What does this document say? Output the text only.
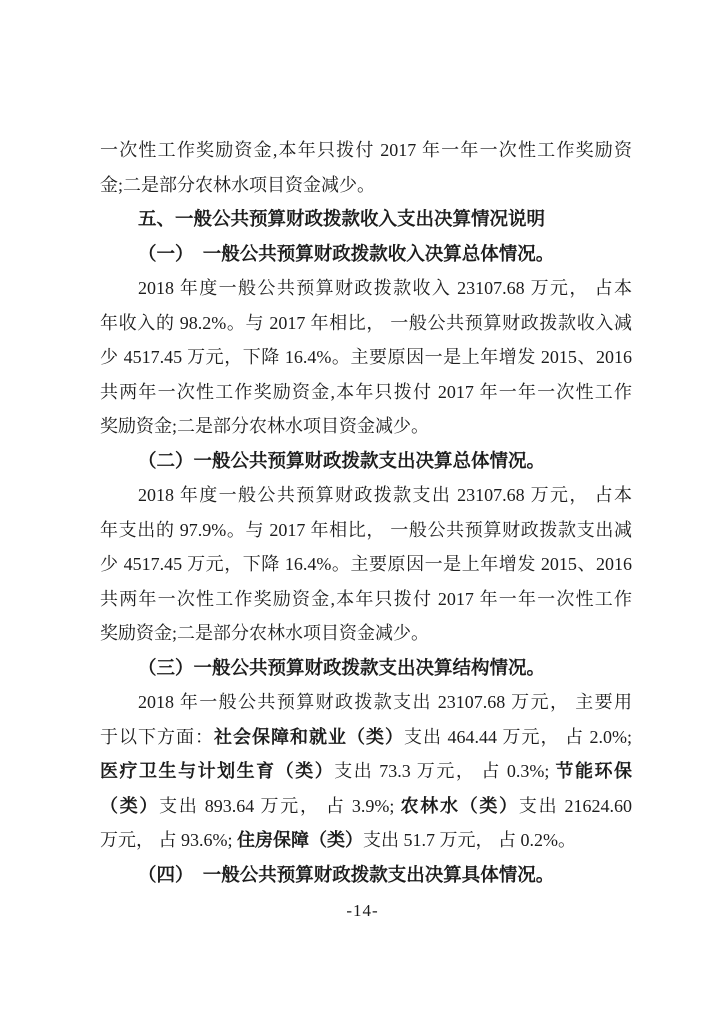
一次性工作奖励资金,本年只拨付 2017 年一年一次性工作奖励资
金;二是部分农林水项目资金减少。
五、一般公共预算财政拨款收入支出决算情况说明
（一）　一般公共预算财政拨款收入决算总体情况。
2018 年度一般公共预算财政拨款收入 23107.68 万元， 占本
年收入的 98.2%。与 2017 年相比， 一般公共预算财政拨款收入减
少 4517.45 万元，下降 16.4%。主要原因一是上年增发 2015、2016
共两年一次性工作奖励资金,本年只拨付 2017 年一年一次性工作
奖励资金;二是部分农林水项目资金减少。
（二）一般公共预算财政拨款支出决算总体情况。
2018 年度一般公共预算财政拨款支出 23107.68 万元， 占本
年支出的 97.9%。与 2017 年相比， 一般公共预算财政拨款支出减
少 4517.45 万元，下降 16.4%。主要原因一是上年增发 2015、2016
共两年一次性工作奖励资金,本年只拨付 2017 年一年一次性工作
奖励资金;二是部分农林水项目资金减少。
（三）一般公共预算财政拨款支出决算结构情况。
2018 年一般公共预算财政拨款支出 23107.68 万元， 主要用
于以下方面：社会保障和就业（类）支出 464.44 万元， 占 2.0%;
医疗卫生与计划生育（类）支出 73.3 万元， 占 0.3%; 节能环保
（类）支出 893.64 万元， 占 3.9%; 农林水（类）支出 21624.60
万元， 占 93.6%; 住房保障（类）支出 51.7 万元， 占 0.2%。
（四）　一般公共预算财政拨款支出决算具体情况。
-14-
